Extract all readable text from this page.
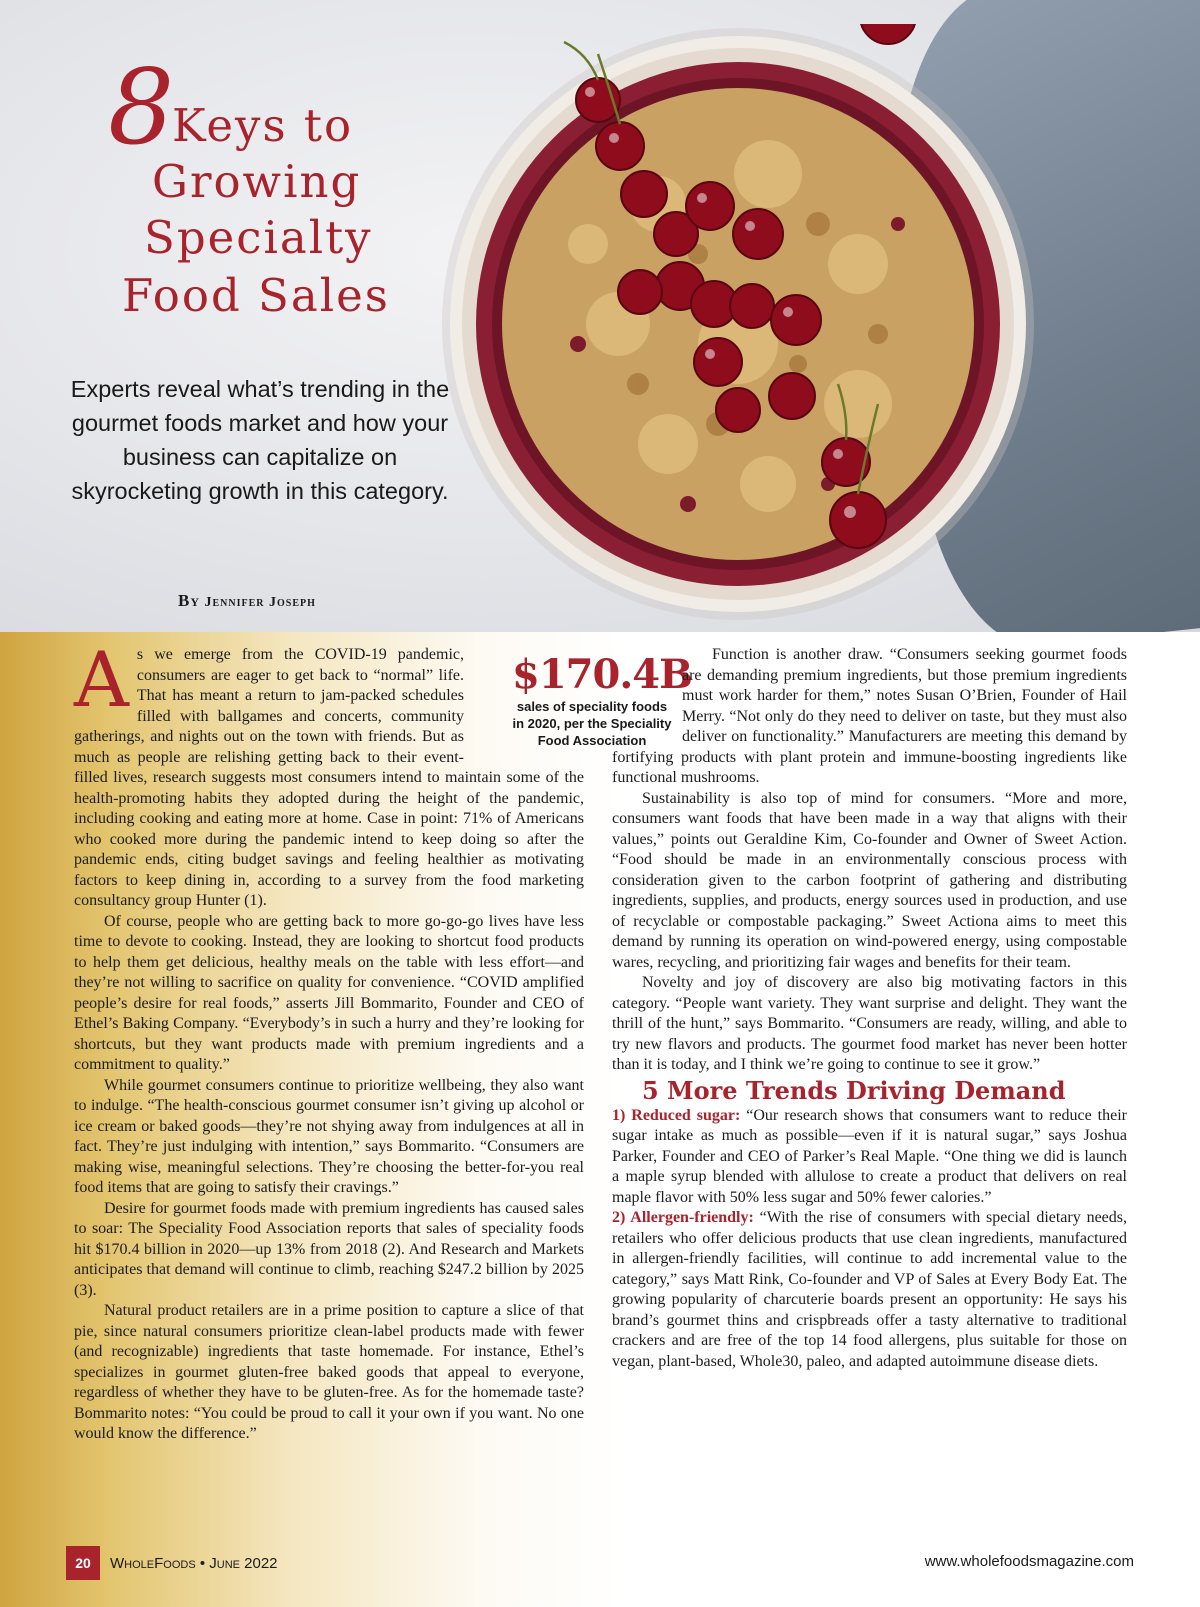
8
Keys to
Growing
Specialty
Food Sales
Experts reveal what’s trending in the gourmet foods market and how your business can capitalize on skyrocketing growth in this category.
By Jennifer Joseph
$170.4B
sales of speciality foods in 2020, per the Speciality Food Association

A s we emerge from the COVID-19 pandemic, consumers are eager to get back to “normal” life. That has meant a return to jam-packed schedules filled with ballgames and concerts, community gatherings, and nights out on the town with friends. But as much as people are relishing getting back to their event-filled lives, research suggests most consumers intend to maintain some of the health-promoting habits they adopted during the height of the pandemic, including cooking and eating more at home. Case in point: 71% of Americans who cooked more during the pandemic intend to keep doing so after the pandemic ends, citing budget savings and feeling healthier as motivating factors to keep dining in, according to a survey from the food marketing consultancy group Hunter (1).

Of course, people who are getting back to more go-go-go lives have less time to devote to cooking. Instead, they are looking to shortcut food products to help them get delicious, healthy meals on the table with less effort—and they’re not willing to sacrifice on quality for convenience. “COVID amplified people’s desire for real foods,” asserts Jill Bommarito, Founder and CEO of Ethel’s Baking Company. “Everybody’s in such a hurry and they’re looking for shortcuts, but they want products made with premium ingredients and a commitment to quality.”

While gourmet consumers continue to prioritize wellbeing, they also want to indulge. “The health-conscious gourmet consumer isn’t giving up alcohol or ice cream or baked goods—they’re not shying away from indulgences at all in fact. They’re just indulging with intention,” says Bommarito. “Consumers are making wise, meaningful selections. They’re choosing the better-for-you real food items that are going to satisfy their cravings.”

Desire for gourmet foods made with premium ingredients has caused sales to soar: The Speciality Food Association reports that sales of speciality foods hit $170.4 billion in 2020—up 13% from 2018 (2). And Research and Markets anticipates that demand will continue to climb, reaching $247.2 billion by 2025 (3).

Natural product retailers are in a prime position to capture a slice of that pie, since natural consumers prioritize clean-label products made with fewer (and recognizable) ingredients that taste homemade. For instance, Ethel’s specializes in gourmet gluten-free baked goods that appeal to everyone, regardless of whether they have to be gluten-free. As for the homemade taste? Bommarito notes: “You could be proud to call it your own if you want. No one would know the difference.”

Function is another draw. “Consumers seeking gourmet foods are demanding premium ingredients, but those premium ingredients must work harder for them,” notes Susan O’Brien, Founder of Hail Merry. “Not only do they need to deliver on taste, but they must also deliver on functionality.” Manufacturers are meeting this demand by fortifying products with plant protein and immune-boosting ingredients like functional mushrooms.

Sustainability is also top of mind for consumers. “More and more, consumers want foods that have been made in a way that aligns with their values,” points out Geraldine Kim, Co-founder and Owner of Sweet Action. “Food should be made in an environmentally conscious process with consideration given to the carbon footprint of gathering and distributing ingredients, supplies, and products, energy sources used in production, and use of recyclable or compostable packaging.” Sweet Actiona aims to meet this demand by running its operation on wind-powered energy, using compostable wares, recycling, and prioritizing fair wages and benefits for their team.

Novelty and joy of discovery are also big motivating factors in this category. “People want variety. They want surprise and delight. They want the thrill of the hunt,” says Bommarito. “Consumers are ready, willing, and able to try new flavors and products. The gourmet food market has never been hotter than it is today, and I think we’re going to continue to see it grow.”

5 More Trends Driving Demand

1) Reduced sugar: “Our research shows that consumers want to reduce their sugar intake as much as possible—even if it is natural sugar,” says Joshua Parker, Founder and CEO of Parker’s Real Maple. “One thing we did is launch a maple syrup blended with allulose to create a product that delivers on real maple flavor with 50% less sugar and 50% fewer calories.”

2) Allergen-friendly: “With the rise of consumers with special dietary needs, retailers who offer delicious products that use clean ingredients, manufactured in allergen-friendly facilities, will continue to add incremental value to the category,” says Matt Rink, Co-founder and VP of Sales at Every Body Eat. The growing popularity of charcuterie boards present an opportunity: He says his brand’s gourmet thins and crispbreads offer a tasty alternative to traditional crackers and are free of the top 14 food allergens, plus suitable for those on vegan, plant-based, Whole30, paleo, and adapted autoimmune disease diets.

20	WholeFoods • June 2022	www.wholefoodsmagazine.com
